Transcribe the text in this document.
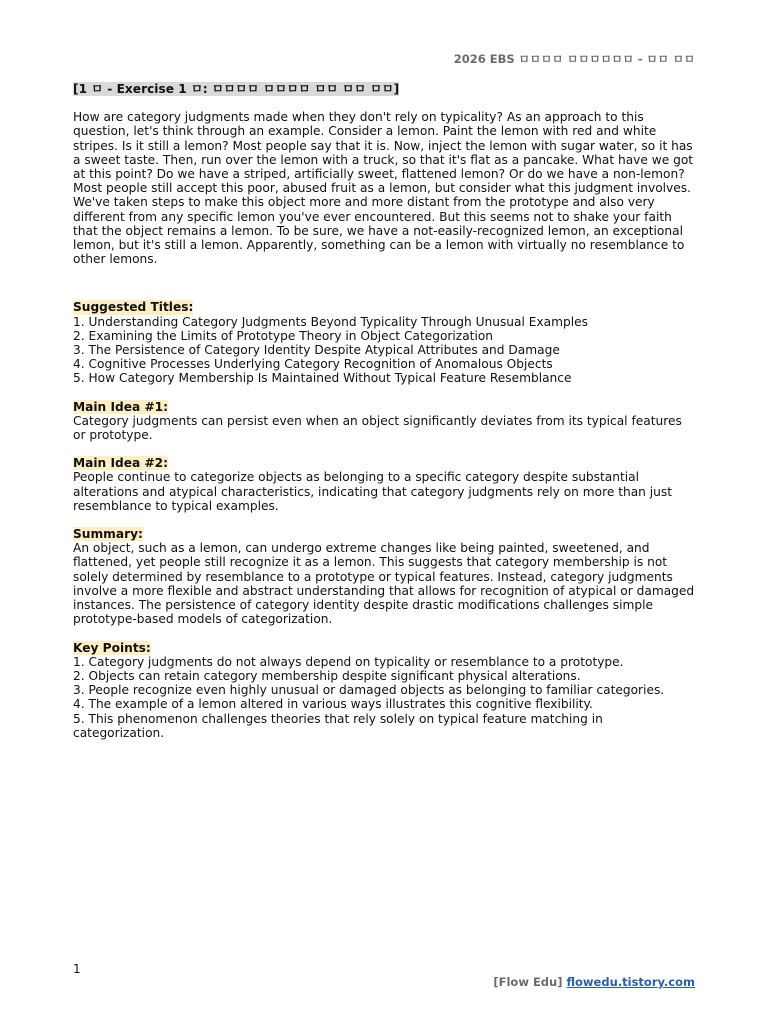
2026 EBS ㅁㅁㅁㅁ ㅁㅁㅁㅁㅁㅁ - ㅁㅁ ㅁㅁ
[1 ㅁ - Exercise 1 ㅁ: ㅁㅁㅁㅁ ㅁㅁㅁㅁ ㅁㅁ ㅁㅁ ㅁㅁ]

How are category judgments made when they don't rely on typicality? As an approach to this question, let's think through an example. Consider a lemon. Paint the lemon with red and white stripes. Is it still a lemon? Most people say that it is. Now, inject the lemon with sugar water, so it has a sweet taste. Then, run over the lemon with a truck, so that it's flat as a pancake. What have we got at this point? Do we have a striped, artificially sweet, flattened lemon? Or do we have a non-lemon? Most people still accept this poor, abused fruit as a lemon, but consider what this judgment involves. We've taken steps to make this object more and more distant from the prototype and also very different from any specific lemon you've ever encountered. But this seems not to shake your faith that the object remains a lemon. To be sure, we have a not-easily-recognized lemon, an exceptional lemon, but it's still a lemon. Apparently, something can be a lemon with virtually no resemblance to other lemons.

Suggested Titles:
1. Understanding Category Judgments Beyond Typicality Through Unusual Examples
2. Examining the Limits of Prototype Theory in Object Categorization
3. The Persistence of Category Identity Despite Atypical Attributes and Damage
4. Cognitive Processes Underlying Category Recognition of Anomalous Objects
5. How Category Membership Is Maintained Without Typical Feature Resemblance
Main Idea #1:
Category judgments can persist even when an object significantly deviates from its typical features or prototype.
Main Idea #2:
People continue to categorize objects as belonging to a specific category despite substantial alterations and atypical characteristics, indicating that category judgments rely on more than just resemblance to typical examples.
Summary:
An object, such as a lemon, can undergo extreme changes like being painted, sweetened, and flattened, yet people still recognize it as a lemon. This suggests that category membership is not solely determined by resemblance to a prototype or typical features. Instead, category judgments involve a more flexible and abstract understanding that allows for recognition of atypical or damaged instances. The persistence of category identity despite drastic modifications challenges simple prototype-based models of categorization.
Key Points:
1. Category judgments do not always depend on typicality or resemblance to a prototype.
2. Objects can retain category membership despite significant physical alterations.
3. People recognize even highly unusual or damaged objects as belonging to familiar categories.
4. The example of a lemon altered in various ways illustrates this cognitive flexibility.
5. This phenomenon challenges theories that rely solely on typical feature matching in categorization.
1
[Flow Edu] flowedu.tistory.com
